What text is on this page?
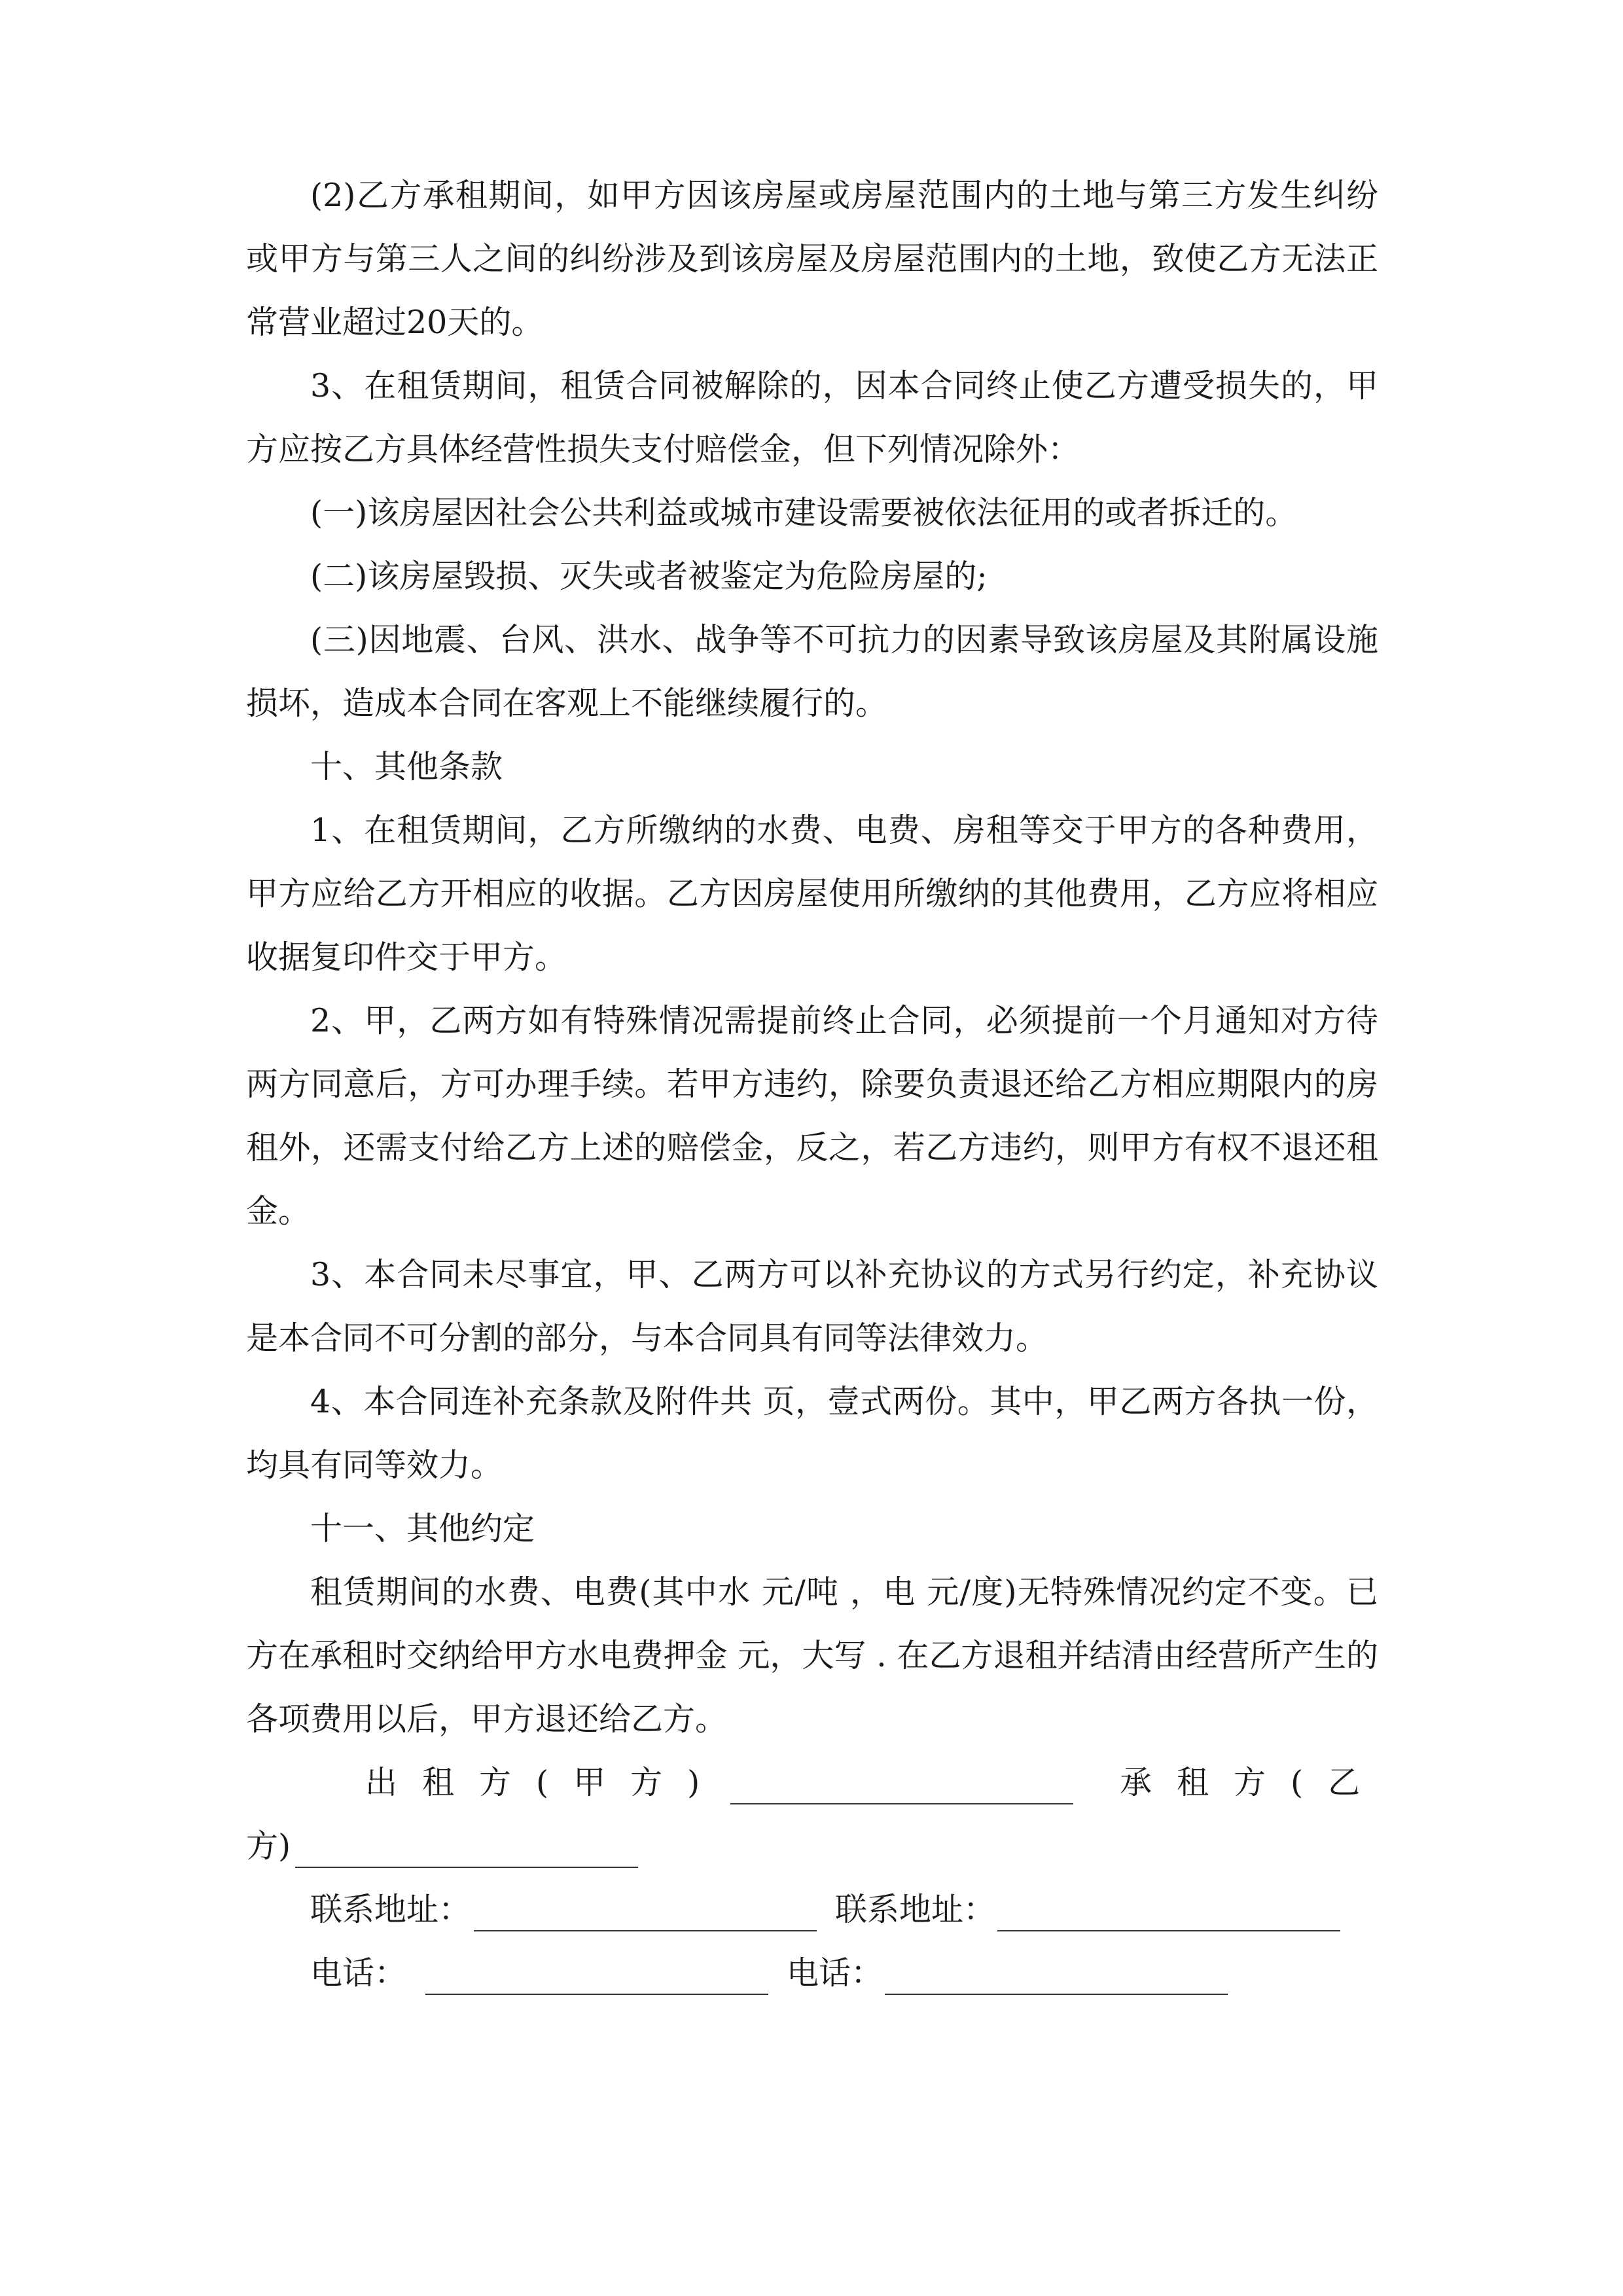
(2)乙方承租期间，如甲方因该房屋或房屋范围内的土地与第三方发生纠纷或甲方与第三人之间的纠纷涉及到该房屋及房屋范围内的土地，致使乙方无法正常营业超过20天的。

3、在租赁期间，租赁合同被解除的，因本合同终止使乙方遭受损失的，甲方应按乙方具体经营性损失支付赔偿金，但下列情况除外：

(一)该房屋因社会公共利益或城市建设需要被依法征用的或者拆迁的。

(二)该房屋毁损、灭失或者被鉴定为危险房屋的;

(三)因地震、台风、洪水、战争等不可抗力的因素导致该房屋及其附属设施损坏，造成本合同在客观上不能继续履行的。

十、其他条款

1、在租赁期间，乙方所缴纳的水费、电费、房租等交于甲方的各种费用，甲方应给乙方开相应的收据。乙方因房屋使用所缴纳的其他费用，乙方应将相应收据复印件交于甲方。

2、甲，乙两方如有特殊情况需提前终止合同，必须提前一个月通知对方待两方同意后，方可办理手续。若甲方违约，除要负责退还给乙方相应期限内的房租外，还需支付给乙方上述的赔偿金，反之，若乙方违约，则甲方有权不退还租金。

3、本合同未尽事宜，甲、乙两方可以补充协议的方式另行约定，补充协议是本合同不可分割的部分，与本合同具有同等法律效力。

4、本合同连补充条款及附件共 页，壹式两份。其中，甲乙两方各执一份，均具有同等效力。

十一、其他约定

租赁期间的水费、电费(其中水 元/吨 ，电 元/度)无特殊情况约定不变。已方在承租时交纳给甲方水电费押金 元，大写 . 在乙方退租并结清由经营所产生的各项费用以后，甲方退还给乙方。

出租方(甲方)	承租方(乙
方)
联系地址：	联系地址：
电话：	电话：
